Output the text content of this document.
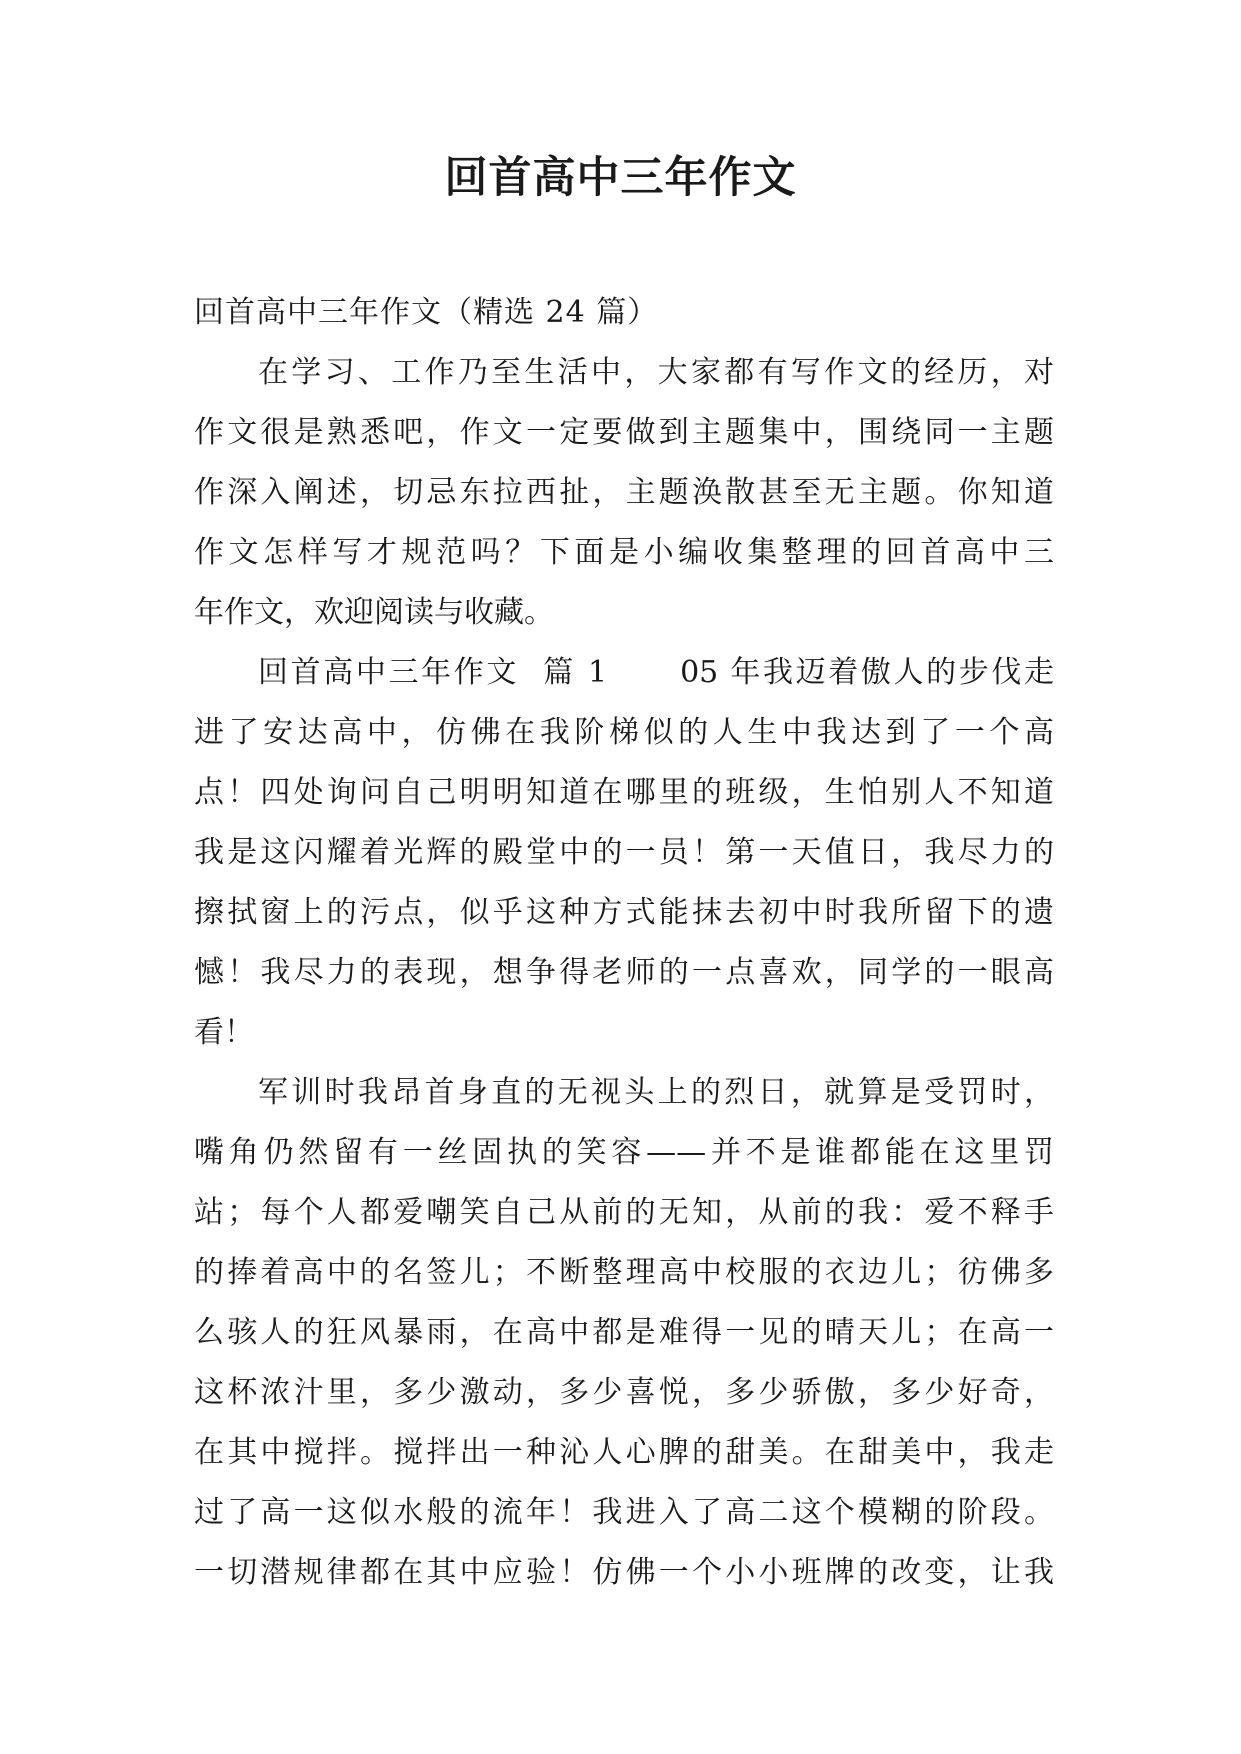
回首高中三年作文
回首高中三年作文（精选 24 篇）
在学习、工作乃至生活中，大家都有写作文的经历，对
作文很是熟悉吧，作文一定要做到主题集中，围绕同一主题
作深入阐述，切忌东拉西扯，主题涣散甚至无主题。你知道
作文怎样写才规范吗？下面是小编收集整理的回首高中三
年作文，欢迎阅读与收藏。
回首高中三年作文  篇 1      05 年我迈着傲人的步伐走
进了安达高中，仿佛在我阶梯似的人生中我达到了一个高
点！四处询问自己明明知道在哪里的班级，生怕别人不知道
我是这闪耀着光辉的殿堂中的一员！第一天值日，我尽力的
擦拭窗上的污点，似乎这种方式能抹去初中时我所留下的遗
憾！我尽力的表现，想争得老师的一点喜欢，同学的一眼高
看！
军训时我昂首身直的无视头上的烈日，就算是受罚时，
嘴角仍然留有一丝固执的笑容——并不是谁都能在这里罚
站；每个人都爱嘲笑自己从前的无知，从前的我：爱不释手
的捧着高中的名签儿；不断整理高中校服的衣边儿；彷佛多
么骇人的狂风暴雨，在高中都是难得一见的晴天儿；在高一
这杯浓汁里，多少激动，多少喜悦，多少骄傲，多少好奇，
在其中搅拌。搅拌出一种沁人心脾的甜美。在甜美中，我走
过了高一这似水般的流年！我进入了高二这个模糊的阶段。
一切潜规律都在其中应验！仿佛一个小小班牌的改变，让我
